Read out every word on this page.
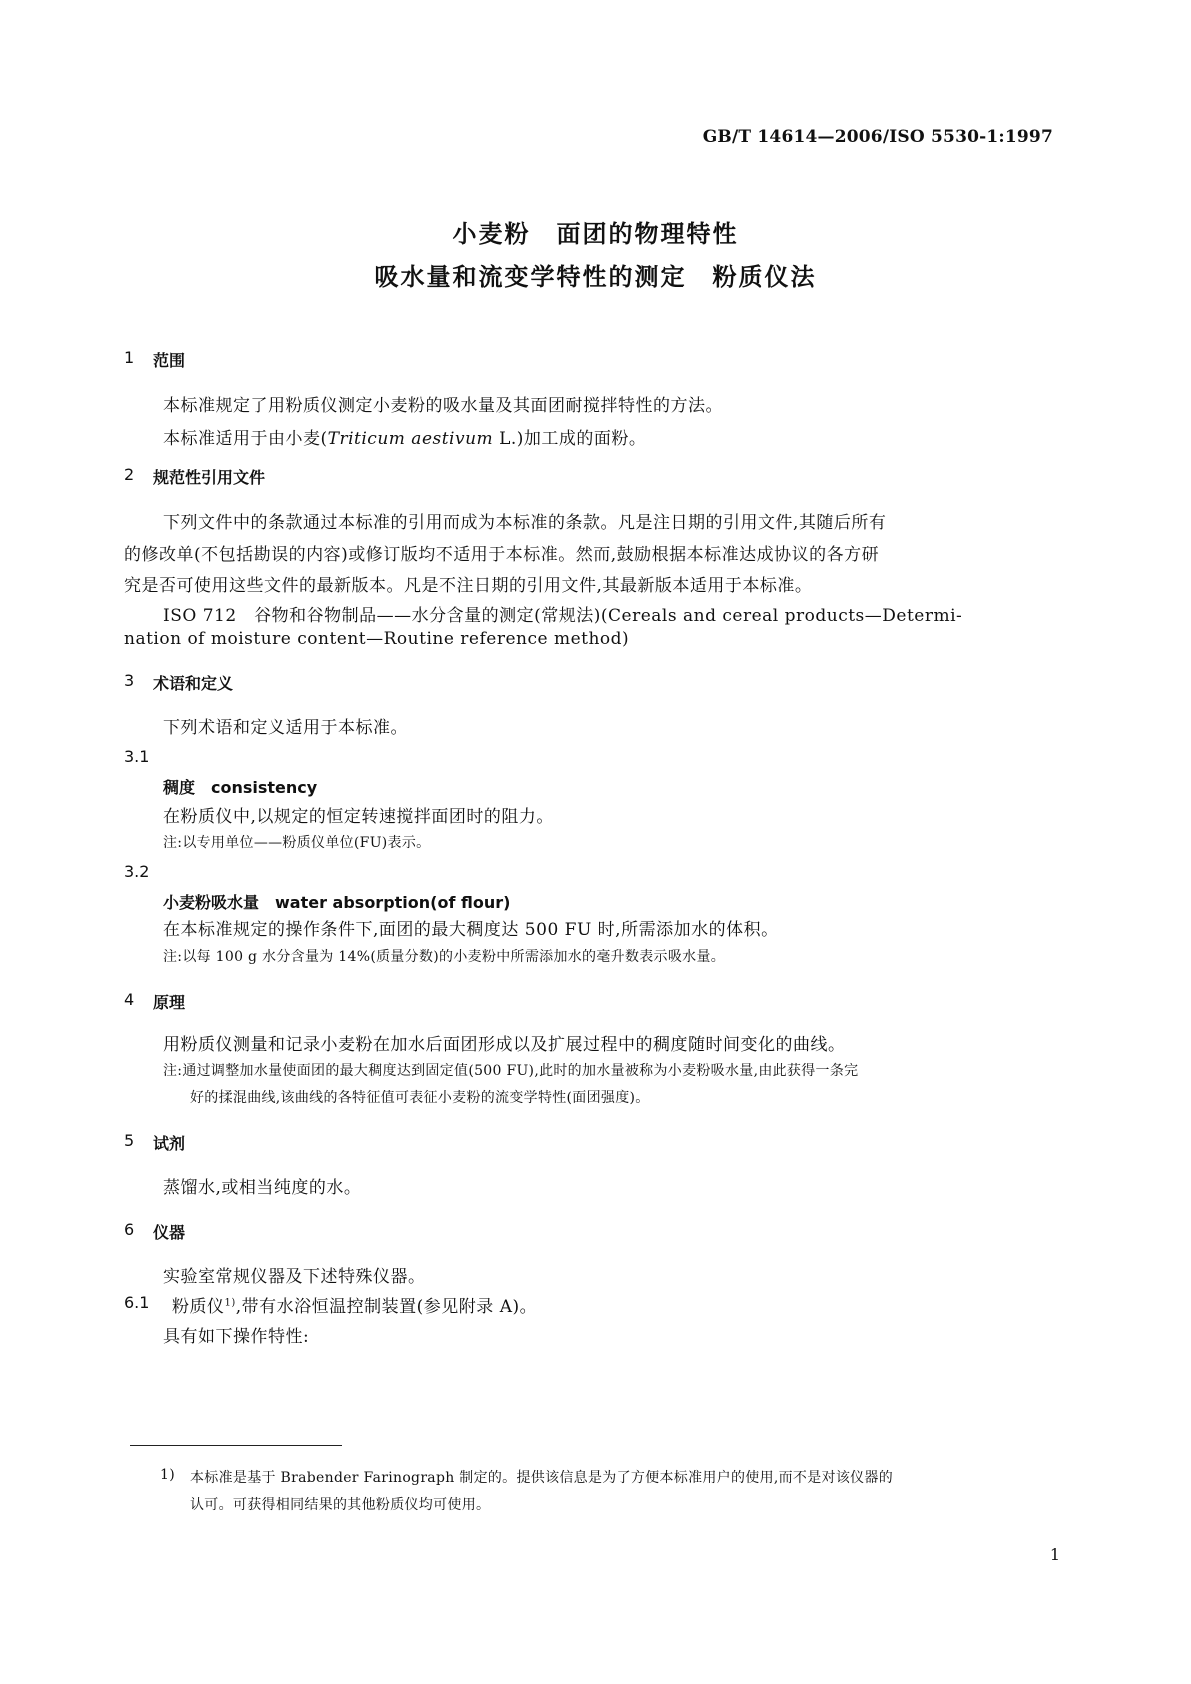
GB/T 14614—2006/ISO 5530-1:1997
小麦粉　面团的物理特性
吸水量和流变学特性的测定　粉质仪法
1 范围
本标准规定了用粉质仪测定小麦粉的吸水量及其面团耐搅拌特性的方法。
本标准适用于由小麦(Triticum aestivum L.)加工成的面粉。
2 规范性引用文件
下列文件中的条款通过本标准的引用而成为本标准的条款。凡是注日期的引用文件,其随后所有
的修改单(不包括勘误的内容)或修订版均不适用于本标准。然而,鼓励根据本标准达成协议的各方研
究是否可使用这些文件的最新版本。凡是不注日期的引用文件,其最新版本适用于本标准。
ISO 712　谷物和谷物制品——水分含量的测定(常规法)(Cereals and cereal products—Determi-
nation of moisture content—Routine reference method)
3 术语和定义
下列术语和定义适用于本标准。
3.1
稠度　consistency
在粉质仪中,以规定的恒定转速搅拌面团时的阻力。
注:以专用单位——粉质仪单位(FU)表示。
3.2
小麦粉吸水量　water absorption(of flour)
在本标准规定的操作条件下,面团的最大稠度达 500 FU 时,所需添加水的体积。
注:以每 100 g 水分含量为 14%(质量分数)的小麦粉中所需添加水的毫升数表示吸水量。
4 原理
用粉质仪测量和记录小麦粉在加水后面团形成以及扩展过程中的稠度随时间变化的曲线。
注:通过调整加水量使面团的最大稠度达到固定值(500 FU),此时的加水量被称为小麦粉吸水量,由此获得一条完
好的揉混曲线,该曲线的各特征值可表征小麦粉的流变学特性(面团强度)。
5 试剂
蒸馏水,或相当纯度的水。
6 仪器
实验室常规仪器及下述特殊仪器。
6.1 粉质仪$^{1)}$,带有水浴恒温控制装置(参见附录 A)。
具有如下操作特性:
1) 本标准是基于 Brabender Farinograph 制定的。提供该信息是为了方便本标准用户的使用,而不是对该仪器的
认可。可获得相同结果的其他粉质仪均可使用。
1
